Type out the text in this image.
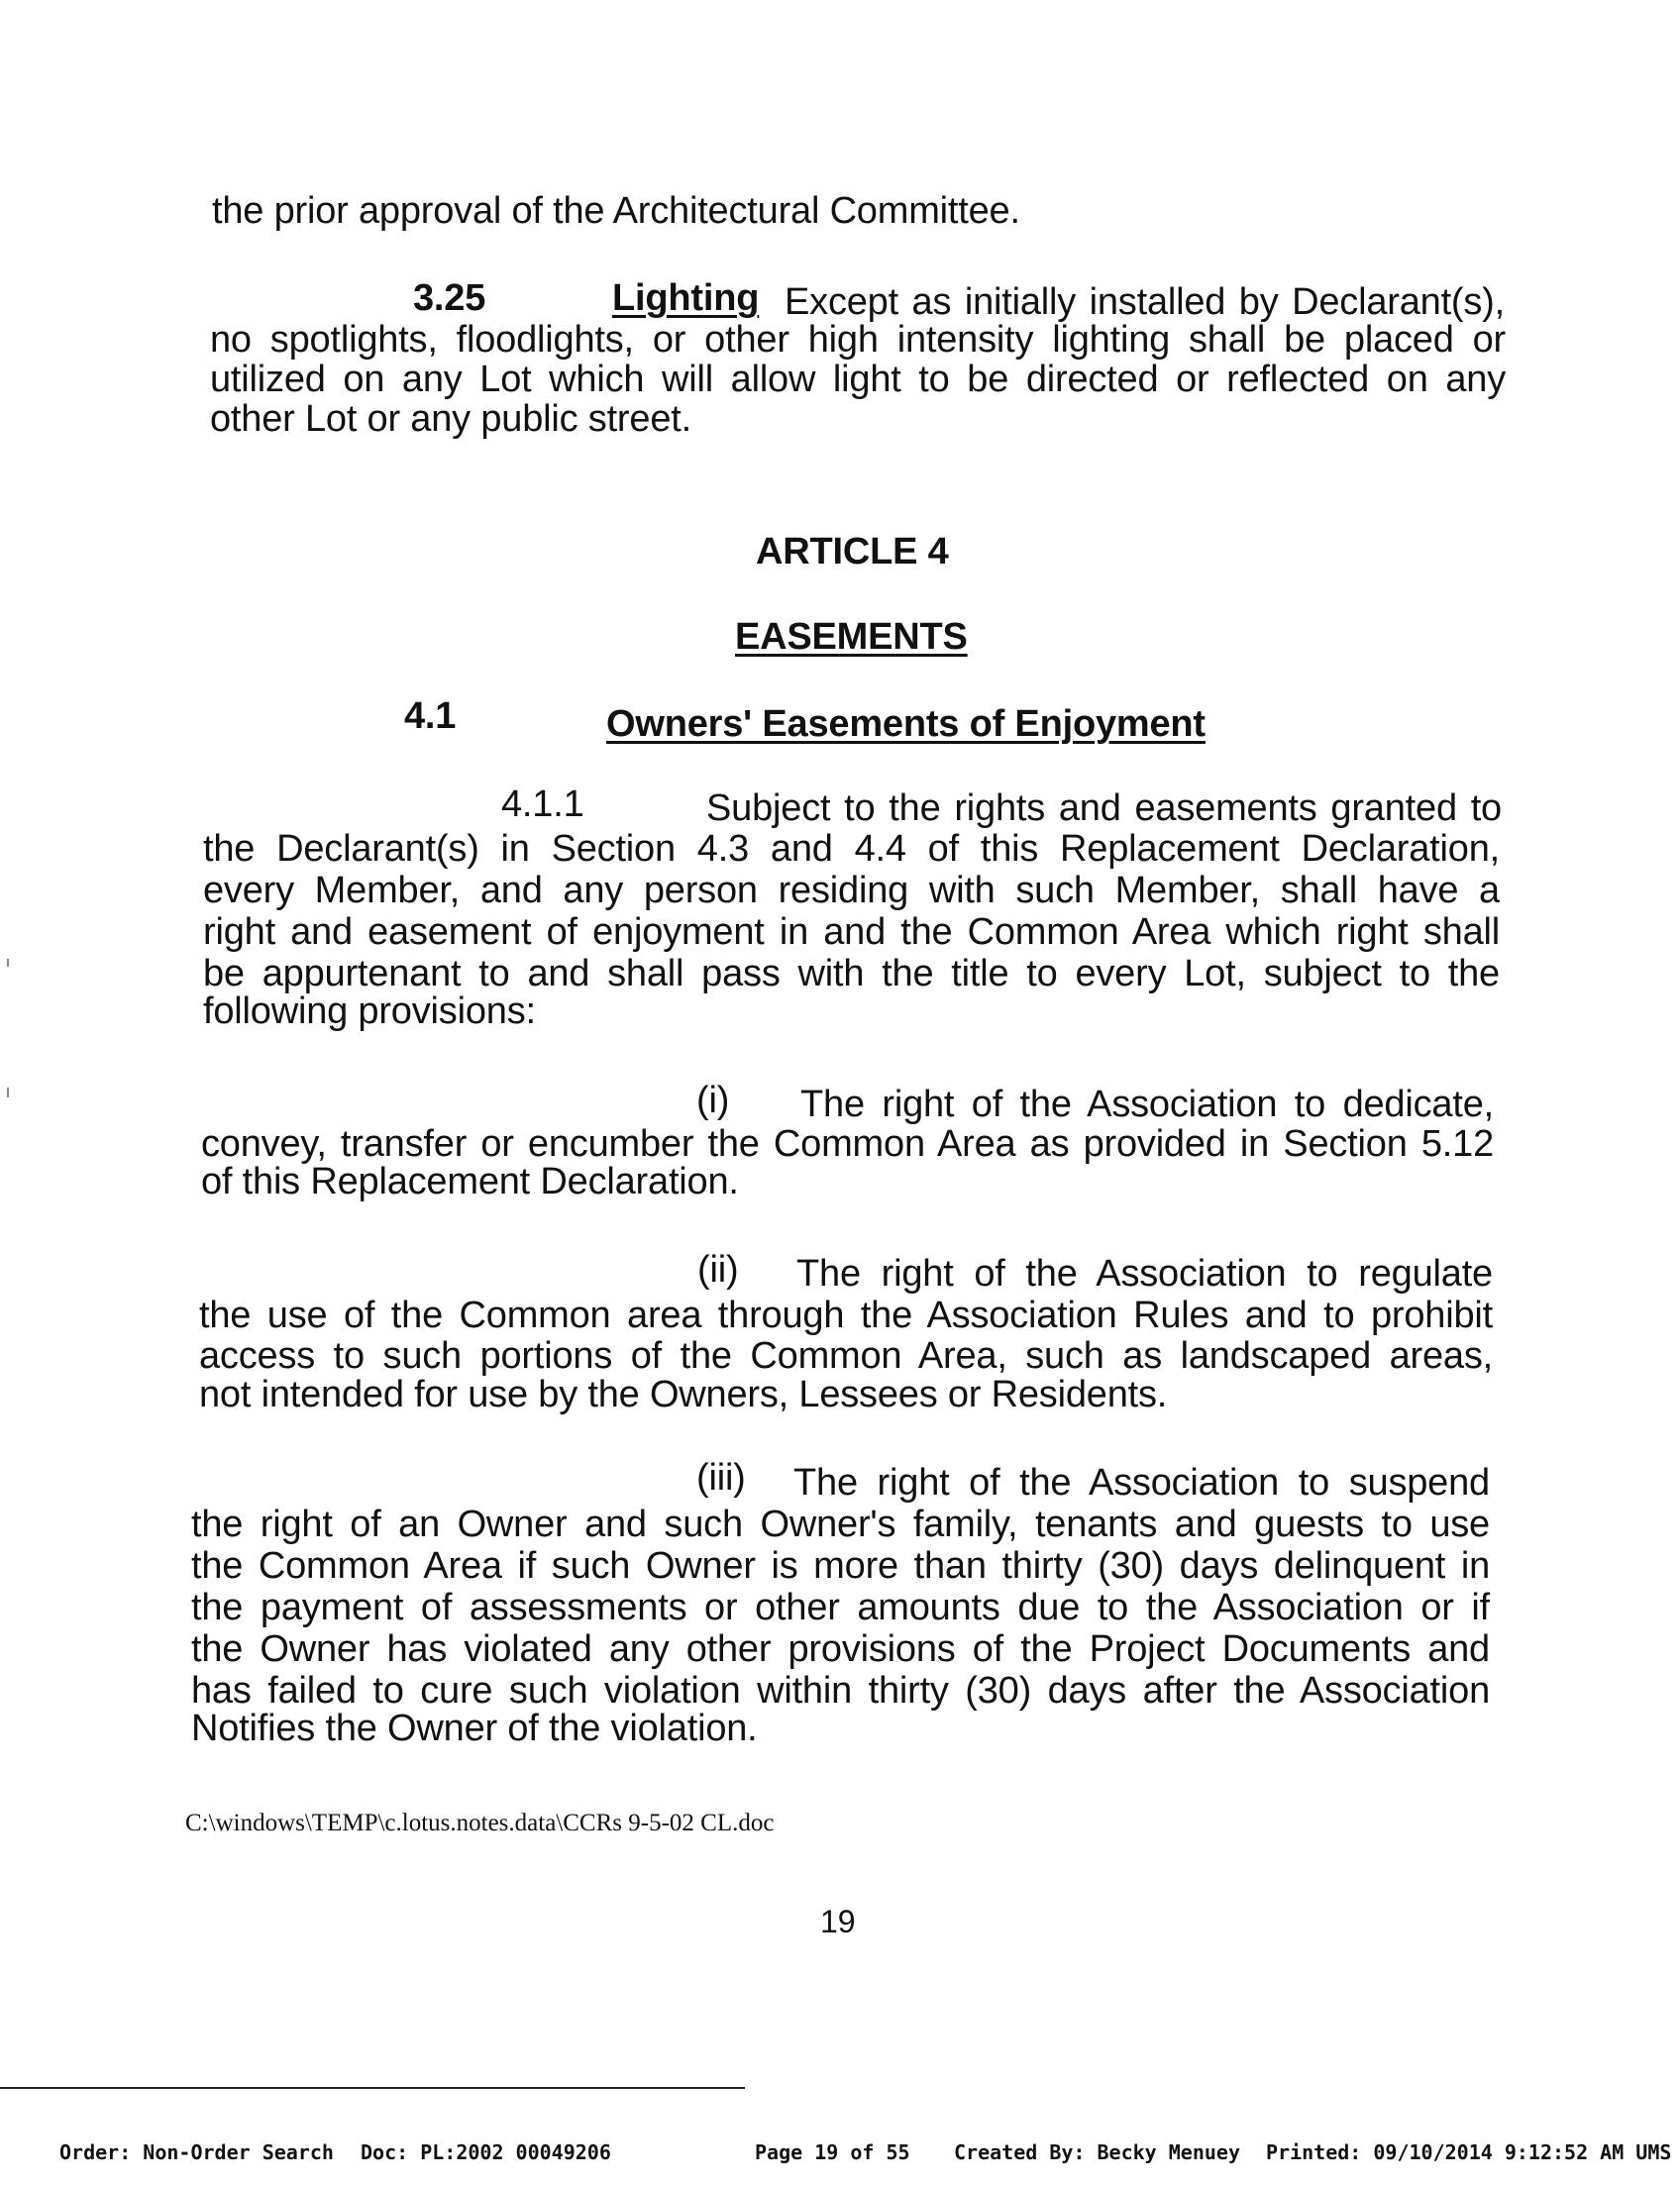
the prior approval of the Architectural Committee.

3.25	Lighting Except as initially installed by Declarant(s),

no spotlights, floodlights, or other high intensity lighting shall be placed or

utilized on any Lot which will allow light to be directed or reflected on any

other Lot or any public street.

ARTICLE 4

EASEMENTS

4.1	Owners' Easements of Enjoyment

4.1.1	Subject to the rights and easements granted to

the Declarant(s) in Section 4.3 and 4.4 of this Replacement Declaration,

every Member, and any person residing with such Member, shall have a

right and easement of enjoyment in and the Common Area which right shall

be appurtenant to and shall pass with the title to every Lot, subject to the

following provisions:

(i) The right of the Association to dedicate,

convey, transfer or encumber the Common Area as provided in Section 5.12

of this Replacement Declaration.

(ii) The right of the Association to regulate

the use of the Common area through the Association Rules and to prohibit

access to such portions of the Common Area, such as landscaped areas,

not intended for use by the Owners, Lessees or Residents.

(iii) The right of the Association to suspend

the right of an Owner and such Owner's family, tenants and guests to use

the Common Area if such Owner is more than thirty (30) days delinquent in

the payment of assessments or other amounts due to the Association or if

the Owner has violated any other provisions of the Project Documents and

has failed to cure such violation within thirty (30) days after the Association

Notifies the Owner of the violation.

C:\windows\TEMP\c.lotus.notes.data\CCRs 9-5-02 CL.doc

19

Order: Non-Order Search Doc: PL:2002 00049206	Page 19 of 55 Created By: Becky Menuey Printed: 09/10/2014 9:12:52 AM UMS
